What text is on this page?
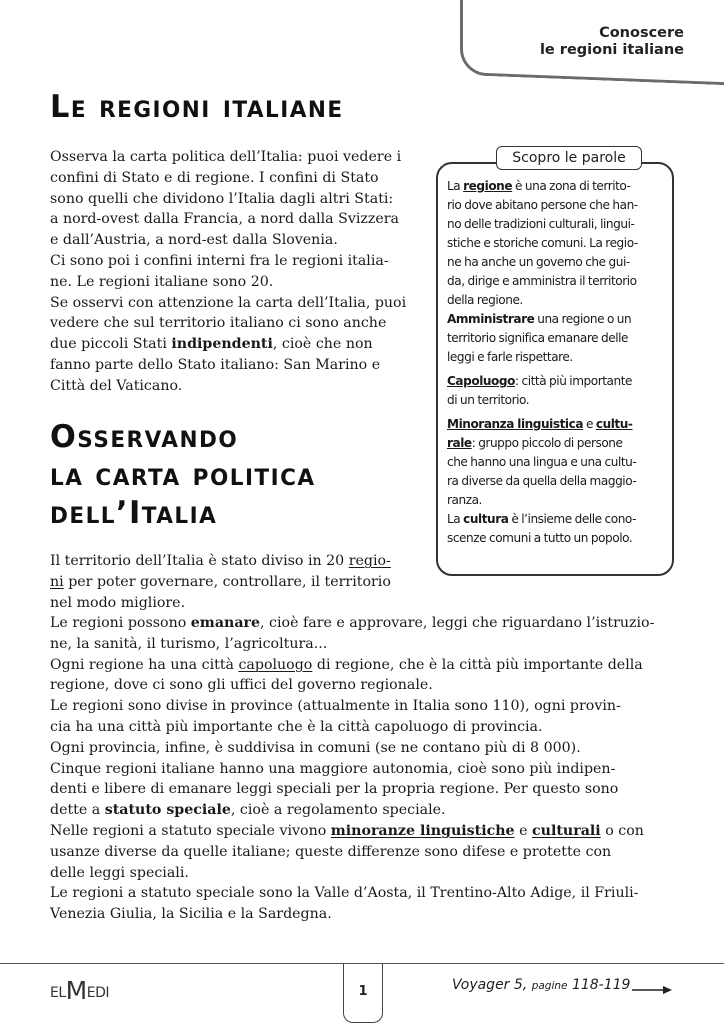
Conoscere
le regioni italiane
Le regioni italiane

Osserva la carta politica dell’Italia: puoi vedere i

confini di Stato e di regione. I confini di Stato

sono quelli che dividono l’Italia dagli altri Stati:

a nord-ovest dalla Francia, a nord dalla Svizzera

e dall’Austria, a nord-est dalla Slovenia.

Ci sono poi i confini interni fra le regioni italia-

ne. Le regioni italiane sono 20.

Se osservi con attenzione la carta dell’Italia, puoi

vedere che sul territorio italiano ci sono anche

due piccoli Stati indipendenti, cioè che non

fanno parte dello Stato italiano: San Marino e

Città del Vaticano.

Osservando
la carta politica
dell’Italia

Il territorio dell’Italia è stato diviso in 20 regio-

ni per poter governare, controllare, il territorio

nel modo migliore.

Le regioni possono emanare, cioè fare e approvare, leggi che riguardano l’istruzio-

ne, la sanità, il turismo, l’agricoltura...

Ogni regione ha una città capoluogo di regione, che è la città più importante della

regione, dove ci sono gli uffici del governo regionale.

Le regioni sono divise in province (attualmente in Italia sono 110), ogni provin-

cia ha una città più importante che è la città capoluogo di provincia.

Ogni provincia, infine, è suddivisa in comuni (se ne contano più di 8 000).

Cinque regioni italiane hanno una maggiore autonomia, cioè sono più indipen-

denti e libere di emanare leggi speciali per la propria regione. Per questo sono

dette a statuto speciale, cioè a regolamento speciale.

Nelle regioni a statuto speciale vivono minoranze linguistiche e culturali o con

usanze diverse da quelle italiane; queste differenze sono difese e protette con

delle leggi speciali.

Le regioni a statuto speciale sono la Valle d’Aosta, il Trentino-Alto Adige, il Friuli-

Venezia Giulia, la Sicilia e la Sardegna.

Scopro le parole

La regione è una zona di territo-

rio dove abitano persone che han-

no delle tradizioni culturali, lingui-

stiche e storiche comuni. La regio-

ne ha anche un governo che gui-

da, dirige e amministra il territorio

della regione.

Amministrare una regione o un

territorio significa emanare delle

leggi e farle rispettare.

Capoluogo: città più importante

di un territorio.

Minoranza linguistica e cultu-

rale: gruppo piccolo di persone

che hanno una lingua e una cultu-

ra diverse da quella della maggio-

ranza.

La cultura è l’insieme delle cono-

scenze comuni a tutto un popolo.

ELMEDI	1	Voyager 5, pagine 118-119
